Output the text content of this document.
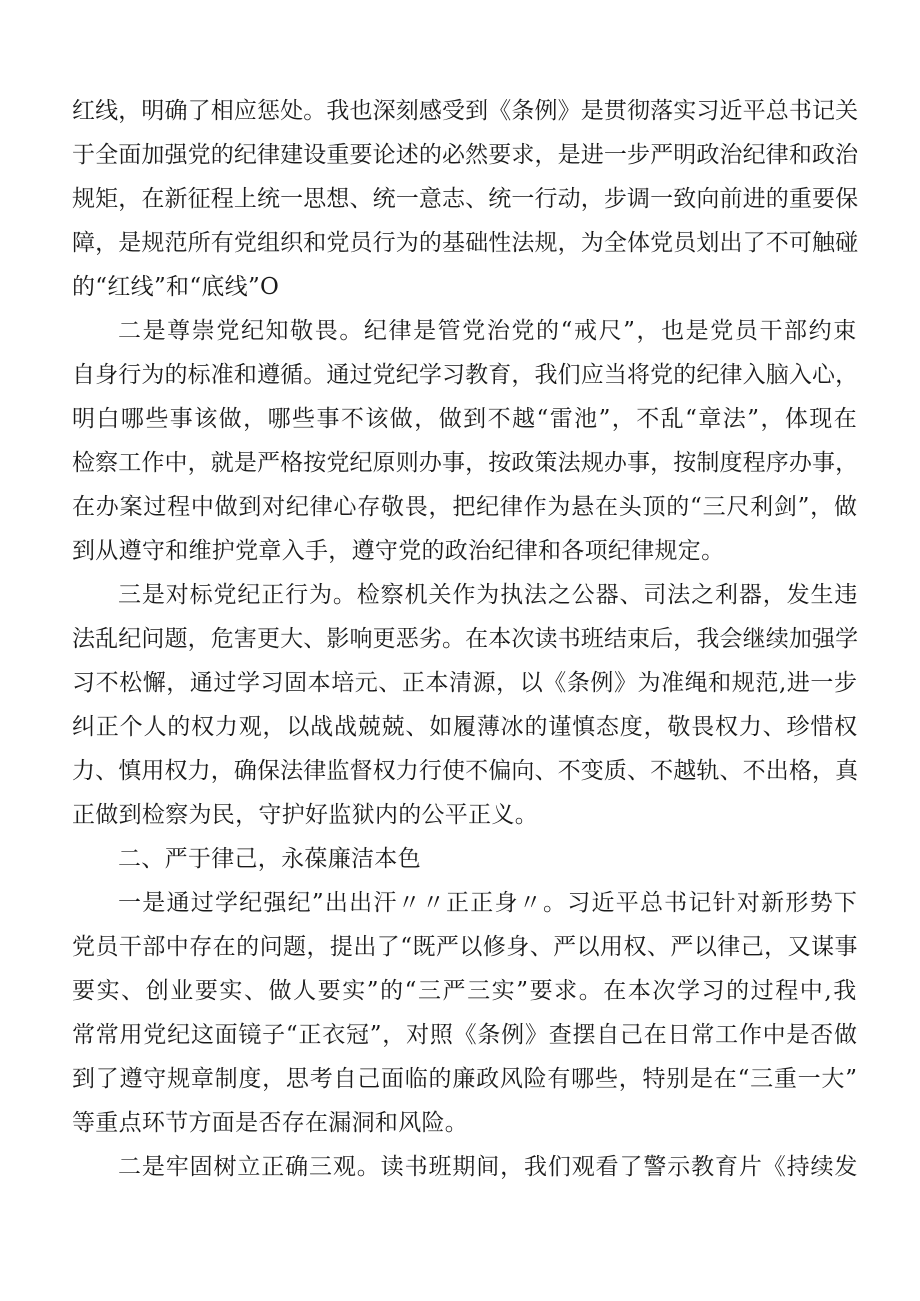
红线，明确了相应惩处。我也深刻感受到《条例》是贯彻落实习近平总书记关
于全面加强党的纪律建设重要论述的必然要求，是进一步严明政治纪律和政治
规矩，在新征程上统一思想、统一意志、统一行动，步调一致向前进的重要保
障，是规范所有党组织和党员行为的基础性法规，为全体党员划出了不可触碰
的“红线”和“底线”O
二是尊崇党纪知敬畏。纪律是管党治党的“戒尺”，也是党员干部约束
自身行为的标准和遵循。通过党纪学习教育，我们应当将党的纪律入脑入心，
明白哪些事该做，哪些事不该做，做到不越“雷池”，不乱“章法”，体现在
检察工作中，就是严格按党纪原则办事，按政策法规办事，按制度程序办事，
在办案过程中做到对纪律心存敬畏，把纪律作为悬在头顶的“三尺利剑”，做
到从遵守和维护党章入手，遵守党的政治纪律和各项纪律规定。
三是对标党纪正行为。检察机关作为执法之公器、司法之利器，发生违
法乱纪问题，危害更大、影响更恶劣。在本次读书班结束后，我会继续加强学
习不松懈，通过学习固本培元、正本清源，以《条例》为准绳和规范,进一步
纠正个人的权力观，以战战兢兢、如履薄冰的谨慎态度，敬畏权力、珍惜权
力、慎用权力，确保法律监督权力行使不偏向、不变质、不越轨、不出格，真
正做到检察为民，守护好监狱内的公平正义。
二、严于律己，永葆廉洁本色
一是通过学纪强纪”出出汗〃〃正正身〃。习近平总书记针对新形势下
党员干部中存在的问题，提出了“既严以修身、严以用权、严以律己，又谋事
要实、创业要实、做人要实”的“三严三实”要求。在本次学习的过程中,我
常常用党纪这面镜子“正衣冠”，对照《条例》查摆自己在日常工作中是否做
到了遵守规章制度，思考自己面临的廉政风险有哪些，特别是在“三重一大”
等重点环节方面是否存在漏洞和风险。
二是牢固树立正确三观。读书班期间，我们观看了警示教育片《持续发
